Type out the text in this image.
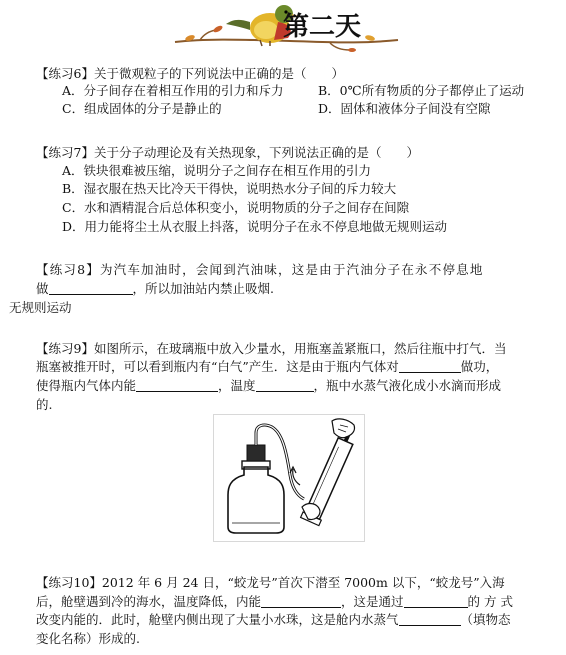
第二天
【练习6】关于微观粒子的下列说法中正确的是（　　）
A．分子间存在着相互作用的引力和斥力	B．0℃所有物质的分子都停止了运动
C．组成固体的分子是静止的	D．固体和液体分子间没有空隙
【练习7】关于分子动理论及有关热现象，下列说法正确的是（　　）
A．铁块很难被压缩，说明分子之间存在相互作用的引力
B．湿衣服在热天比冷天干得快，说明热水分子间的斥力较大
C．水和酒精混合后总体积变小，说明物质的分子之间存在间隙
D．用力能将尘土从衣服上抖落，说明分子在永不停息地做无规则运动
【练习8】为汽车加油时，会闻到汽油味，这是由于汽油分子在永不停息地
做	，所以加油站内禁止吸烟.
无规则运动
【练习9】如图所示，在玻璃瓶中放入少量水，用瓶塞盖紧瓶口，然后往瓶中打气．当
瓶塞被推开时，可以看到瓶内有“白气”产生．这是由于瓶内气体对	做功，
使得瓶内气体内能	，温度	，瓶中水蒸气液化成小水滴而形成
的.
【练习10】2012 年 6 月 24 日，“蛟龙号”首次下潜至 7000m 以下，“蛟龙号”入海
后，舱壁遇到冷的海水，温度降低，内能	，这是通过	的 方 式
改变内能的．此时，舱壁内侧出现了大量小水珠，这是舱内水蒸气	（填物态
变化名称）形成的.
